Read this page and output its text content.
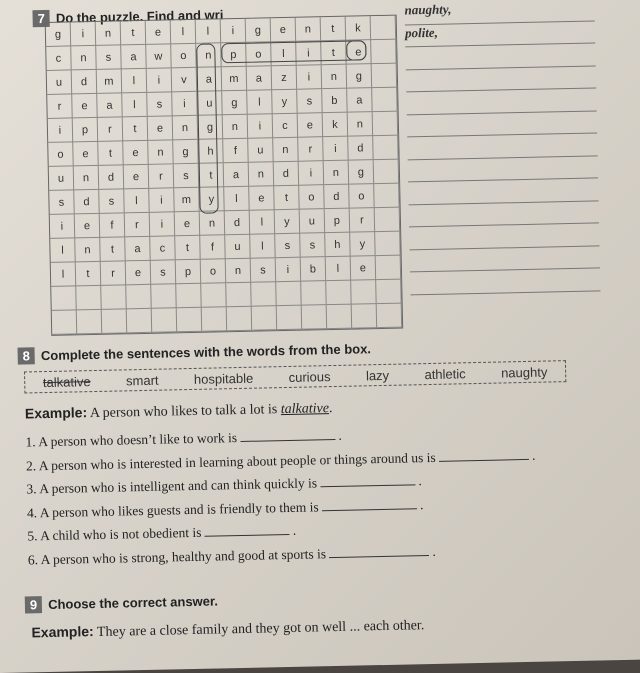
7 Do the puzzle. Find and wri
g	i	n	t	e	l	l	i	g	e	n	t	k
c	n	s	a	w	o	n	p	o	l	i	t	e
u	d	m	l	i	v	a	m	a	z	i	n	g
r	e	a	l	s	i	u	g	l	y	s	b	a
i	p	r	t	e	n	g	n	i	c	e	k	n
o	e	t	e	n	g	h	f	u	n	r	i	d
u	n	d	e	r	s	t	a	n	d	i	n	g
s	d	s	l	i	m	y	l	e	t	o	d	o
i	e	f	r	i	e	n	d	l	y	u	p	r
l	n	t	a	c	t	f	u	l	s	s	h	y
l	t	r	e	s	p	o	n	s	i	b	l	e
naughty,
polite,
8 Complete the sentences with the words from the box.
talkative	smart	hospitable	curious	lazy	athletic	naughty
Example: A person who likes to talk a lot is talkative.
1. A person who doesn’t like to work is	.
2. A person who is interested in learning about people or things around us is	.
3. A person who is intelligent and can think quickly is	.
4. A person who likes guests and is friendly to them is	.
5. A child who is not obedient is	.
6. A person who is strong, healthy and good at sports is	.
9 Choose the correct answer.
Example: They are a close family and they got on well ... each other.
